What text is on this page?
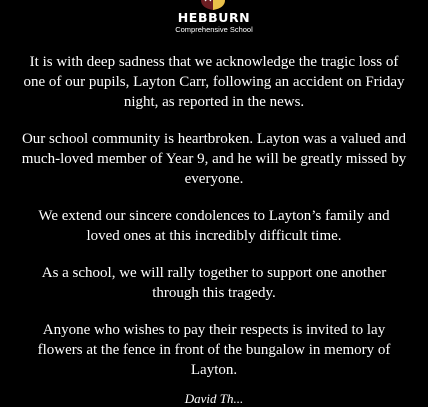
HEBBURN
Comprehensive School

It is with deep sadness that we acknowledge the tragic loss of one of our pupils, Layton Carr, following an accident on Friday night, as reported in the news.

Our school community is heartbroken. Layton was a valued and much-loved member of Year 9, and he will be greatly missed by everyone.

We extend our sincere condolences to Layton’s family and loved ones at this incredibly difficult time.

As a school, we will rally together to support one another through this tragedy.

Anyone who wishes to pay their respects is invited to lay flowers at the fence in front of the bungalow in memory of Layton.

David Th...
